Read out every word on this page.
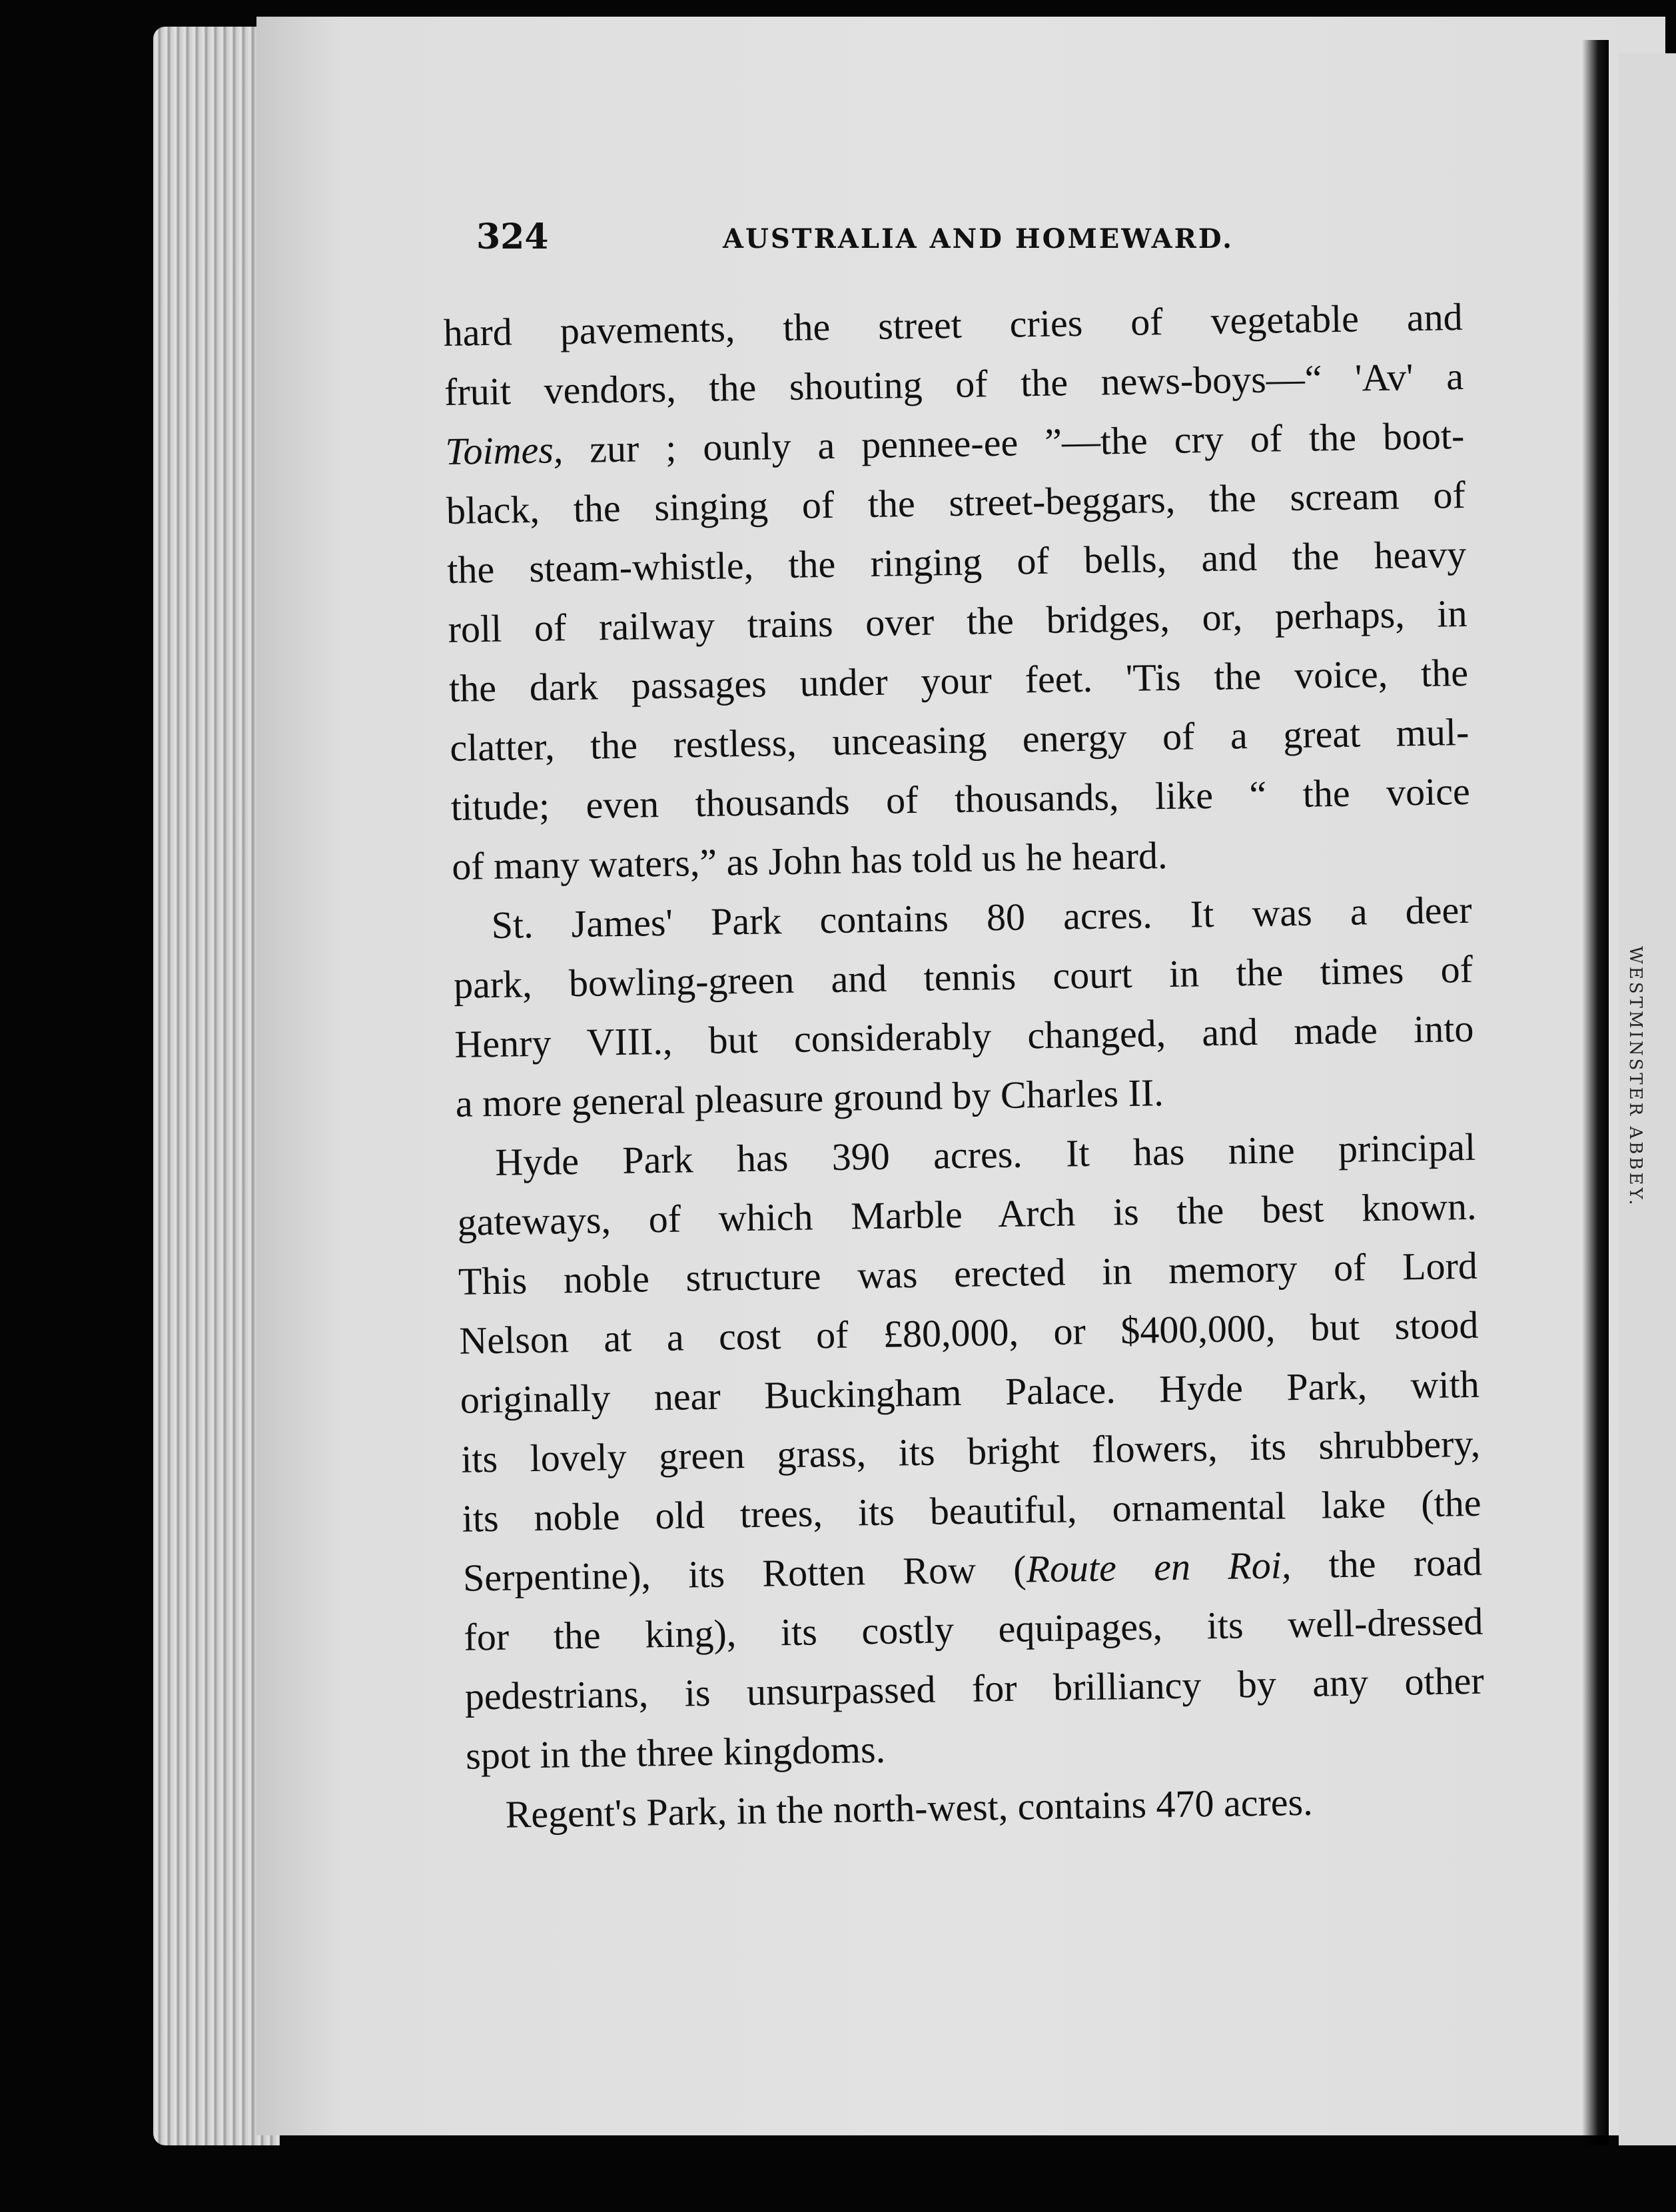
WESTMINSTER ABBEY.
324	AUSTRALIA AND HOMEWARD.

hard pavements, the street cries of vegetable and
fruit vendors, the shouting of the news-boys—“ 'Av' a
Toimes, zur ; ounly a pennee-ee ”—the cry of the boot-
black, the singing of the street-beggars, the scream of
the steam-whistle, the ringing of bells, and the heavy
roll of railway trains over the bridges, or, perhaps, in
the dark passages under your feet. 'Tis the voice, the
clatter, the restless, unceasing energy of a great mul-
titude; even thousands of thousands, like “ the voice
of many waters,” as John has told us he heard.

St. James' Park contains 80 acres. It was a deer
park, bowling-green and tennis court in the times of
Henry VIII., but considerably changed, and made into
a more general pleasure ground by Charles II.

Hyde Park has 390 acres. It has nine principal
gateways, of which Marble Arch is the best known.
This noble structure was erected in memory of Lord
Nelson at a cost of £80,000, or $400,000, but stood
originally near Buckingham Palace. Hyde Park, with
its lovely green grass, its bright flowers, its shrubbery,
its noble old trees, its beautiful, ornamental lake (the
Serpentine), its Rotten Row (Route en Roi, the road
for the king), its costly equipages, its well-dressed
pedestrians, is unsurpassed for brilliancy by any other
spot in the three kingdoms.

Regent's Park, in the north-west, contains 470 acres.
